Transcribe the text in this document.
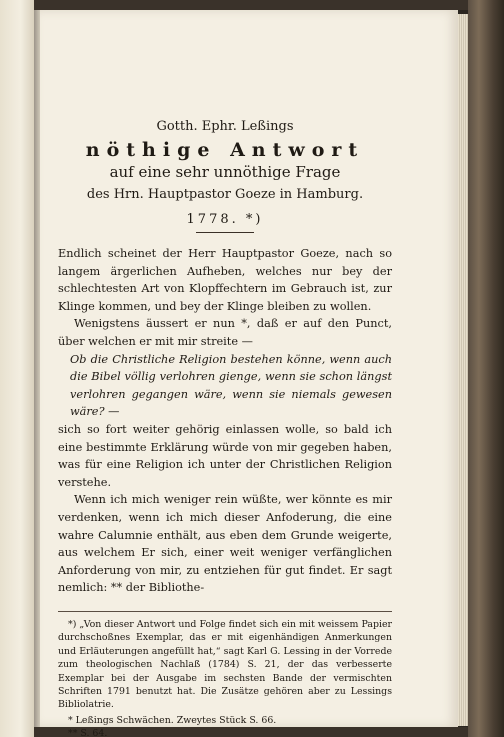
Gotth. Ephr. Leßings
nöthige Antwort
auf eine sehr unnöthige Frage
des Hrn. Hauptpastor Goeze in Hamburg.
1778. *)

Endlich scheinet der Herr Hauptpastor Goeze, nach so langem ärgerlichen Aufheben, welches nur bey der schlechtesten Art von Klopffechtern im Gebrauch ist, zur Klinge kommen, und bey der Klinge bleiben zu wollen.

Wenigstens äussert er nun *, daß er auf den Punct, über welchen er mit mir streite —

Ob die Christliche Religion bestehen könne, wenn auch die Bibel völlig verlohren gienge, wenn sie schon längst verlohren gegangen wäre, wenn sie niemals gewesen wäre? —

sich so fort weiter gehörig einlassen wolle, so bald ich eine bestimmte Erklärung würde von mir gegeben haben, was für eine Religion ich unter der Christlichen Religion verstehe.

Wenn ich mich weniger rein wüßte, wer könnte es mir verdenken, wenn ich mich dieser Anfoderung, die eine wahre Calumnie enthält, aus eben dem Grunde weigerte, aus welchem Er sich, einer weit weniger verfänglichen Anforderung von mir, zu entziehen für gut findet. Er sagt nemlich: ** der Bibliothe-

*) „Von dieser Antwort und Folge findet sich ein mit weissem Papier durchschoßnes Exemplar, das er mit eigenhändigen Anmerkungen und Erläuterungen angefüllt hat,“ sagt Karl G. Lessing in der Vorrede zum theologischen Nachlaß (1784) S. 21, der das verbesserte Exemplar bei der Ausgabe im sechsten Bande der vermischten Schriften 1791 benutzt hat. Die Zusätze gehören aber zu Lessings Bibliolatrie.

* Leßings Schwächen. Zweytes Stück S. 66.

** S. 64.
